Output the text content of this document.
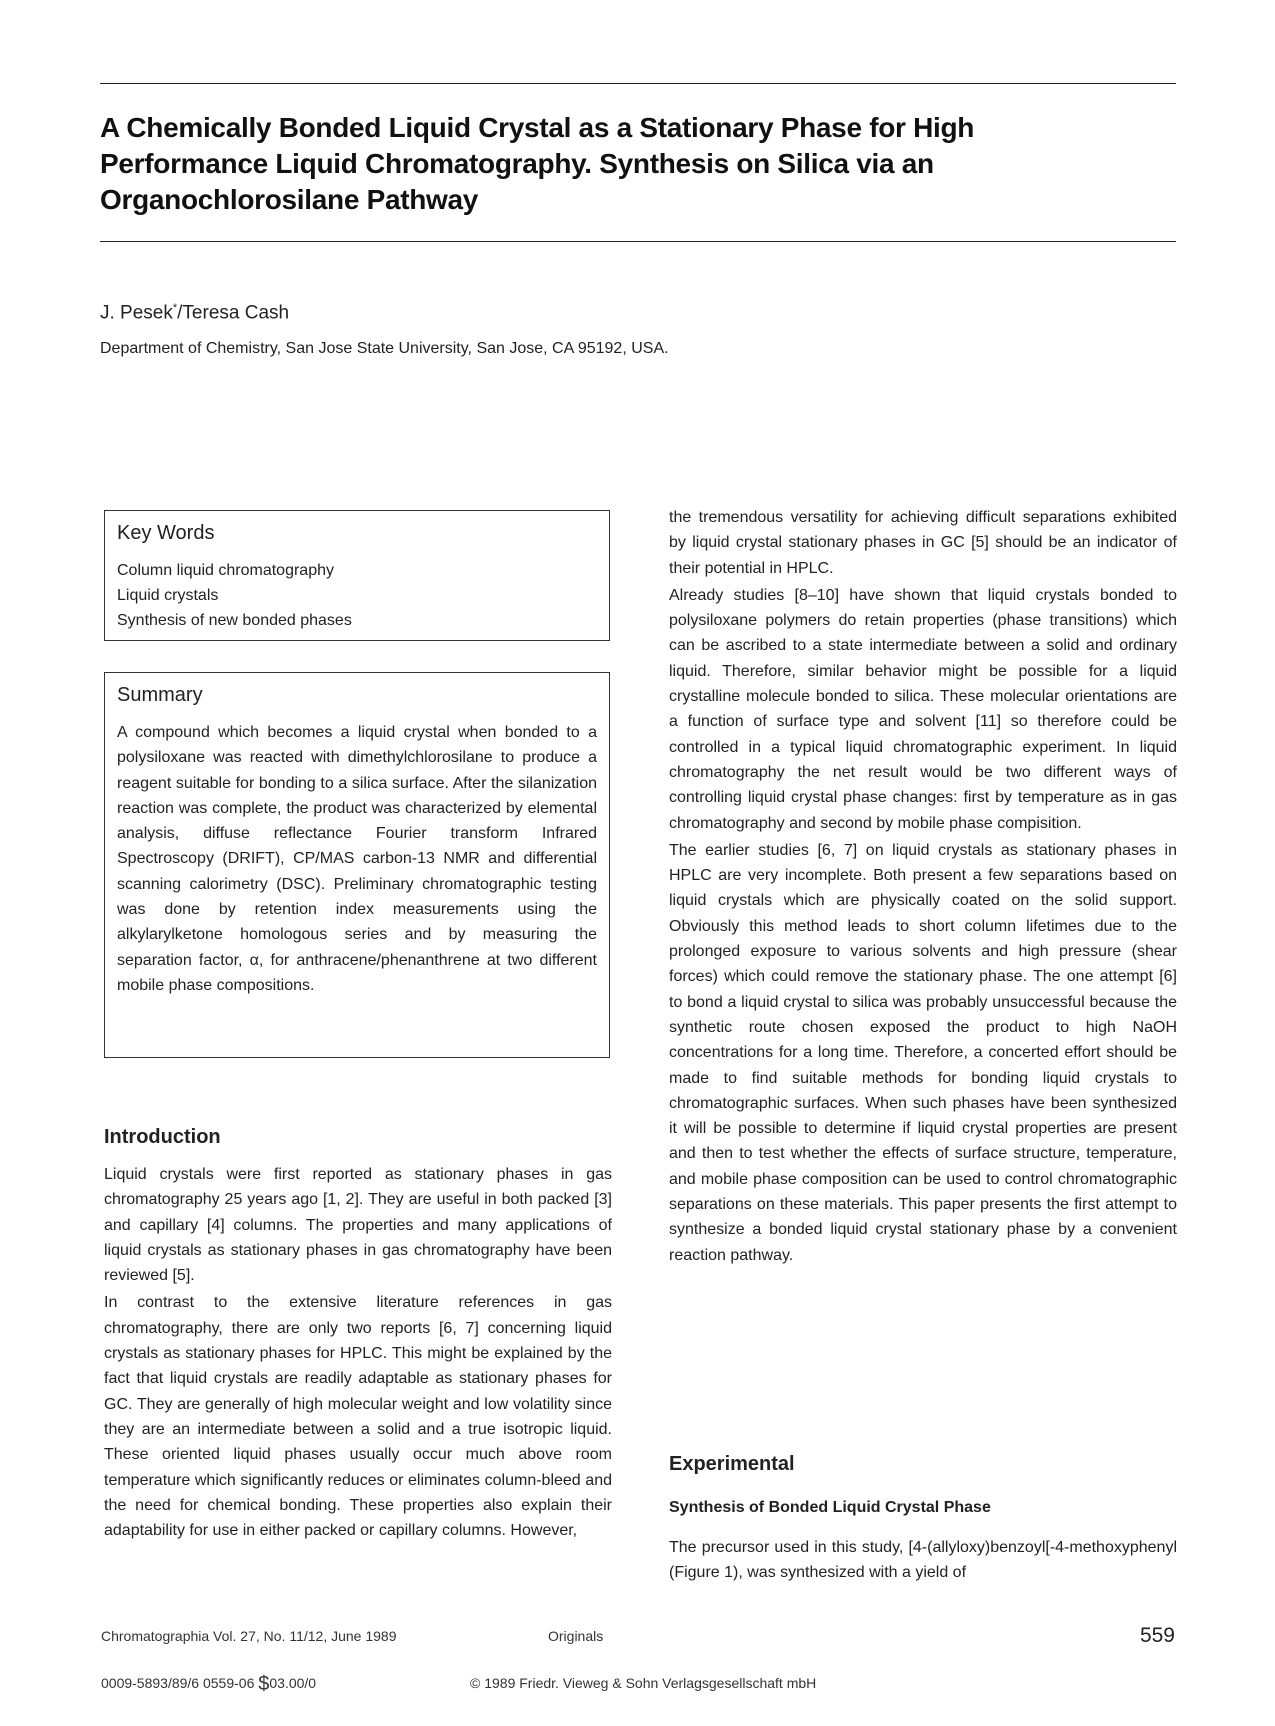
A Chemically Bonded Liquid Crystal as a Stationary Phase for High Performance Liquid Chromatography. Synthesis on Silica via an Organochlorosilane Pathway
J. Pesek*/Teresa Cash
Department of Chemistry, San Jose State University, San Jose, CA 95192, USA.
Key Words
Column liquid chromatography
Liquid crystals
Synthesis of new bonded phases
Summary

A compound which becomes a liquid crystal when bonded to a polysiloxane was reacted with dimethylchlorosilane to produce a reagent suitable for bonding to a silica surface. After the silanization reaction was complete, the product was characterized by elemental analysis, diffuse reflectance Fourier transform Infrared Spectroscopy (DRIFT), CP/MAS carbon-13 NMR and differential scanning calorimetry (DSC). Preliminary chromatographic testing was done by retention index measurements using the alkylarylketone homologous series and by measuring the separation factor, α, for anthracene/phenanthrene at two different mobile phase compositions.

Introduction

Liquid crystals were first reported as stationary phases in gas chromatography 25 years ago [1, 2]. They are useful in both packed [3] and capillary [4] columns. The properties and many applications of liquid crystals as stationary phases in gas chromatography have been reviewed [5].

In contrast to the extensive literature references in gas chromatography, there are only two reports [6, 7] concerning liquid crystals as stationary phases for HPLC. This might be explained by the fact that liquid crystals are readily adaptable as stationary phases for GC. They are generally of high molecular weight and low volatility since they are an intermediate between a solid and a true isotropic liquid. These oriented liquid phases usually occur much above room temperature which significantly reduces or eliminates column-bleed and the need for chemical bonding. These properties also explain their adaptability for use in either packed or capillary columns. However,

the tremendous versatility for achieving difficult separations exhibited by liquid crystal stationary phases in GC [5] should be an indicator of their potential in HPLC.

Already studies [8–10] have shown that liquid crystals bonded to polysiloxane polymers do retain properties (phase transitions) which can be ascribed to a state intermediate between a solid and ordinary liquid. Therefore, similar behavior might be possible for a liquid crystalline molecule bonded to silica. These molecular orientations are a function of surface type and solvent [11] so therefore could be controlled in a typical liquid chromatographic experiment. In liquid chromatography the net result would be two different ways of controlling liquid crystal phase changes: first by temperature as in gas chromatography and second by mobile phase compisition.

The earlier studies [6, 7] on liquid crystals as stationary phases in HPLC are very incomplete. Both present a few separations based on liquid crystals which are physically coated on the solid support. Obviously this method leads to short column lifetimes due to the prolonged exposure to various solvents and high pressure (shear forces) which could remove the stationary phase. The one attempt [6] to bond a liquid crystal to silica was probably unsuccessful because the synthetic route chosen exposed the product to high NaOH concentrations for a long time. Therefore, a concerted effort should be made to find suitable methods for bonding liquid crystals to chromatographic surfaces. When such phases have been synthesized it will be possible to determine if liquid crystal properties are present and then to test whether the effects of surface structure, temperature, and mobile phase composition can be used to control chromatographic separations on these materials. This paper presents the first attempt to synthesize a bonded liquid crystal stationary phase by a convenient reaction pathway.

Experimental
Synthesis of Bonded Liquid Crystal Phase

The precursor used in this study, [4-(allyloxy)benzoyl[-4-methoxyphenyl (Figure 1), was synthesized with a yield of

Chromatographia Vol. 27, No. 11/12, June 1989	Originals	559
0009-5893/89/6 0559-06 $03.00/0	© 1989 Friedr. Vieweg & Sohn Verlagsgesellschaft mbH
